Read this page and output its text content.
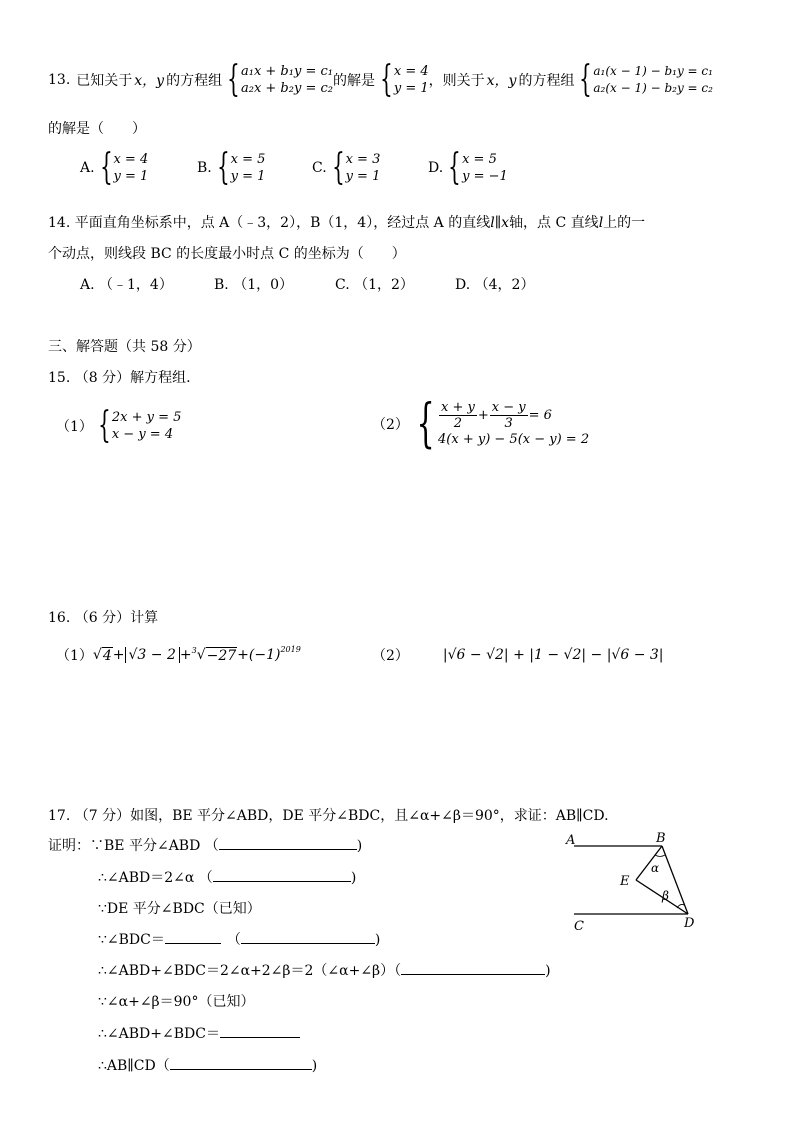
13. 已知关于 x，y 的方程组 { a₁x + b₁y = c₁
a₂x + b₂y = c₂ 的解是 { x = 4
y = 1 ，则关于 x，y 的方程组 { a₁(x − 1) − b₁y = c₁
a₂(x − 1) − b₂y = c₂
的解是（　　）
A. { x = 4
y = 1
B. { x = 5
y = 1
C. { x = 3
y = 1
D. { x = 5
y = −1
14. 平面直角坐标系中，点 A（﹣3，2），B（1，4），经过点 A 的直线l∥x轴，点 C 直线l上的一
个动点，则线段 BC 的长度最小时点 C 的坐标为（　　）
A. （﹣1，4）	B. （1，0）	C. （1，2）	D. （4，2）
三、解答题（共 58 分）
15. （8 分）解方程组.
（1） { 2x + y = 5
x − y = 4
（2） { $\frac{x + y}{2} + \frac{x - y}{3} = 6$
4(x + y) − 5(x − y) = 2
16. （6 分）计算
（1） √ 4 + √3 − 2 + 3 √ −27 +(−1) 2019	（2） |√6 − √2| + |1 − √2| − |√6 − 3|
17. （7 分）如图，BE 平分∠ABD，DE 平分∠BDC，且∠α+∠β＝90°，求证：AB∥CD.
证明：∵BE 平分∠ABD （	)
∴∠ABD＝2∠α （	)
∵DE 平分∠BDC（已知）
∵∠BDC＝	（	)
∴∠ABD+∠BDC＝2∠α+2∠β＝2（∠α+∠β）（	)
∵∠α+∠β＝90°（已知）
∴∠ABD+∠BDC＝
∴AB∥CD（	)
A	B
C	D
E
α
β
